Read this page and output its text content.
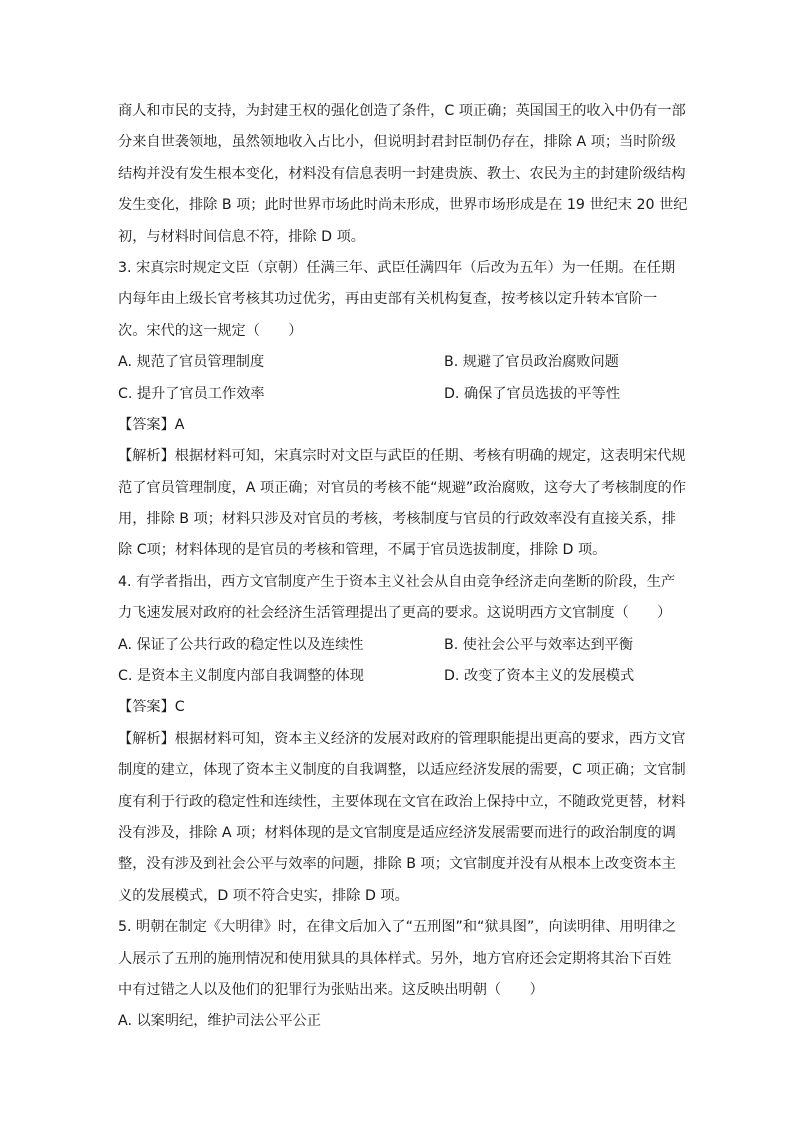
商人和市民的支持，为封建王权的强化创造了条件，C 项正确；英国国王的收入中仍有一部
分来自世袭领地，虽然领地收入占比小，但说明封君封臣制仍存在，排除 A 项；当时阶级
结构并没有发生根本变化，材料没有信息表明一封建贵族、教士、农民为主的封建阶级结构
发生变化，排除 B 项；此时世界市场此时尚未形成，世界市场形成是在 19 世纪末 20 世纪
初，与材料时间信息不符，排除 D 项。
3. 宋真宗时规定文臣（京朝）任满三年、武臣任满四年（后改为五年）为一任期。在任期
内每年由上级长官考核其功过优劣，再由吏部有关机构复查，按考核以定升转本官阶一
次。宋代的这一规定（　　）
A. 规范了官员管理制度	B. 规避了官员政治腐败问题
C. 提升了官员工作效率	D. 确保了官员选拔的平等性
【答案】A
【解析】根据材料可知，宋真宗时对文臣与武臣的任期、考核有明确的规定，这表明宋代规
范了官员管理制度，A 项正确；对官员的考核不能“规避”政治腐败，这夸大了考核制度的作
用，排除 B 项；材料只涉及对官员的考核，考核制度与官员的行政效率没有直接关系，排
除 C项；材料体现的是官员的考核和管理，不属于官员选拔制度，排除 D 项。
4. 有学者指出，西方文官制度产生于资本主义社会从自由竞争经济走向垄断的阶段，生产
力飞速发展对政府的社会经济生活管理提出了更高的要求。这说明西方文官制度（　　）
A. 保证了公共行政的稳定性以及连续性	B. 使社会公平与效率达到平衡
C. 是资本主义制度内部自我调整的体现	D. 改变了资本主义的发展模式
【答案】C
【解析】根据材料可知，资本主义经济的发展对政府的管理职能提出更高的要求，西方文官
制度的建立，体现了资本主义制度的自我调整，以适应经济发展的需要，C 项正确；文官制
度有利于行政的稳定性和连续性，主要体现在文官在政治上保持中立，不随政党更替，材料
没有涉及，排除 A 项；材料体现的是文官制度是适应经济发展需要而进行的政治制度的调
整，没有涉及到社会公平与效率的问题，排除 B 项；文官制度并没有从根本上改变资本主
义的发展模式，D 项不符合史实，排除 D 项。
5. 明朝在制定《大明律》时，在律文后加入了“五刑图”和“狱具图”，向读明律、用明律之
人展示了五刑的施刑情况和使用狱具的具体样式。另外，地方官府还会定期将其治下百姓
中有过错之人以及他们的犯罪行为张贴出来。这反映出明朝（　　）
A. 以案明纪，维护司法公平公正
